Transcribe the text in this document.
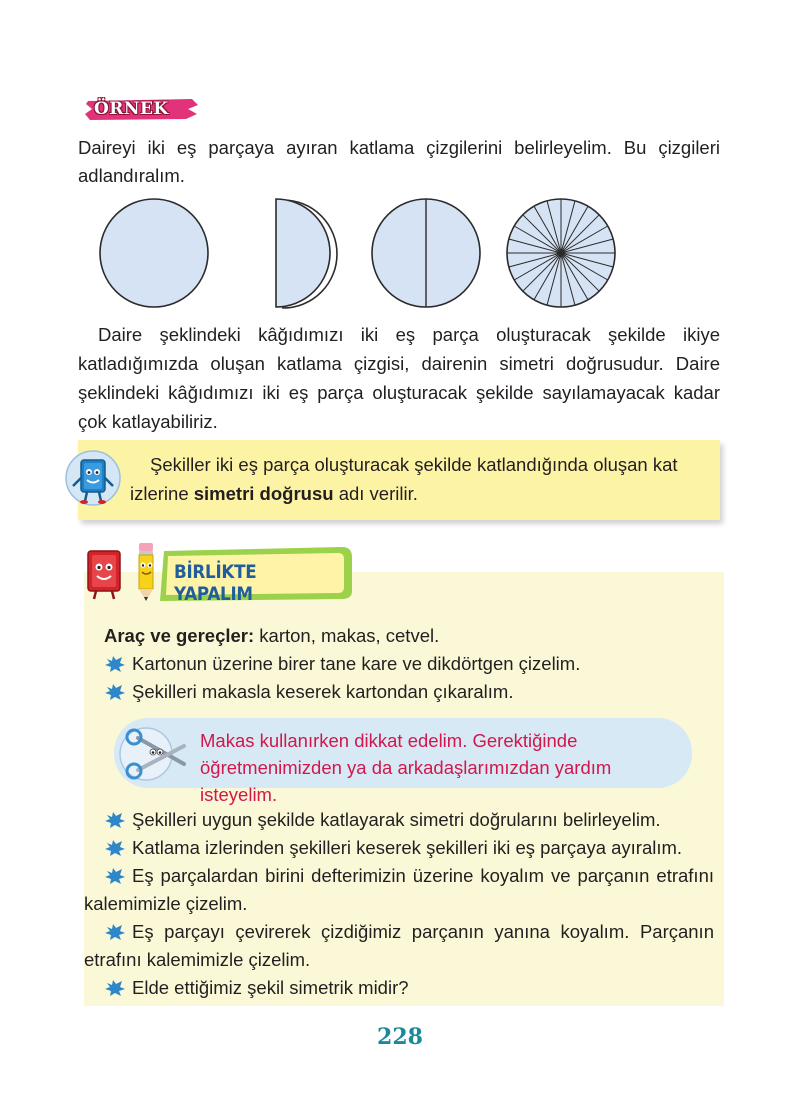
ÖRNEK

Daireyi iki eş parçaya ayıran katlama çizgilerini belirleyelim. Bu çizgileri adlandıralım.

Daire şeklindeki kâğıdımızı iki eş parça oluşturacak şekilde ikiye katladığımızda oluşan katlama çizgisi, dairenin simetri doğrusudur. Daire şeklindeki kâğıdımızı iki eş parça oluşturacak şekilde sayılamayacak kadar çok katlayabiliriz.

Şekiller iki eş parça oluşturacak şekilde katlandığında oluşan kat izlerine simetri doğrusu adı verilir.
BİRLİKTE YAPALIM
Araç ve gereçler: karton, makas, cetvel.
Kartonun üzerine birer tane kare ve dikdörtgen çizelim.
Şekilleri makasla keserek kartondan çıkaralım.
Makas kullanırken dikkat edelim. Gerektiğinde öğretmenimizden ya da arkadaşlarımızdan yardım isteyelim.
Şekilleri uygun şekilde katlayarak simetri doğrularını belirleyelim.
Katlama izlerinden şekilleri keserek şekilleri iki eş parçaya ayıralım.
Eş parçalardan birini defterimizin üzerine koyalım ve parçanın etrafını kalemimizle çizelim.
Eş parçayı çevirerek çizdiğimiz parçanın yanına koyalım. Parçanın etrafını kalemimizle çizelim.
Elde ettiğimiz şekil simetrik midir?
228
